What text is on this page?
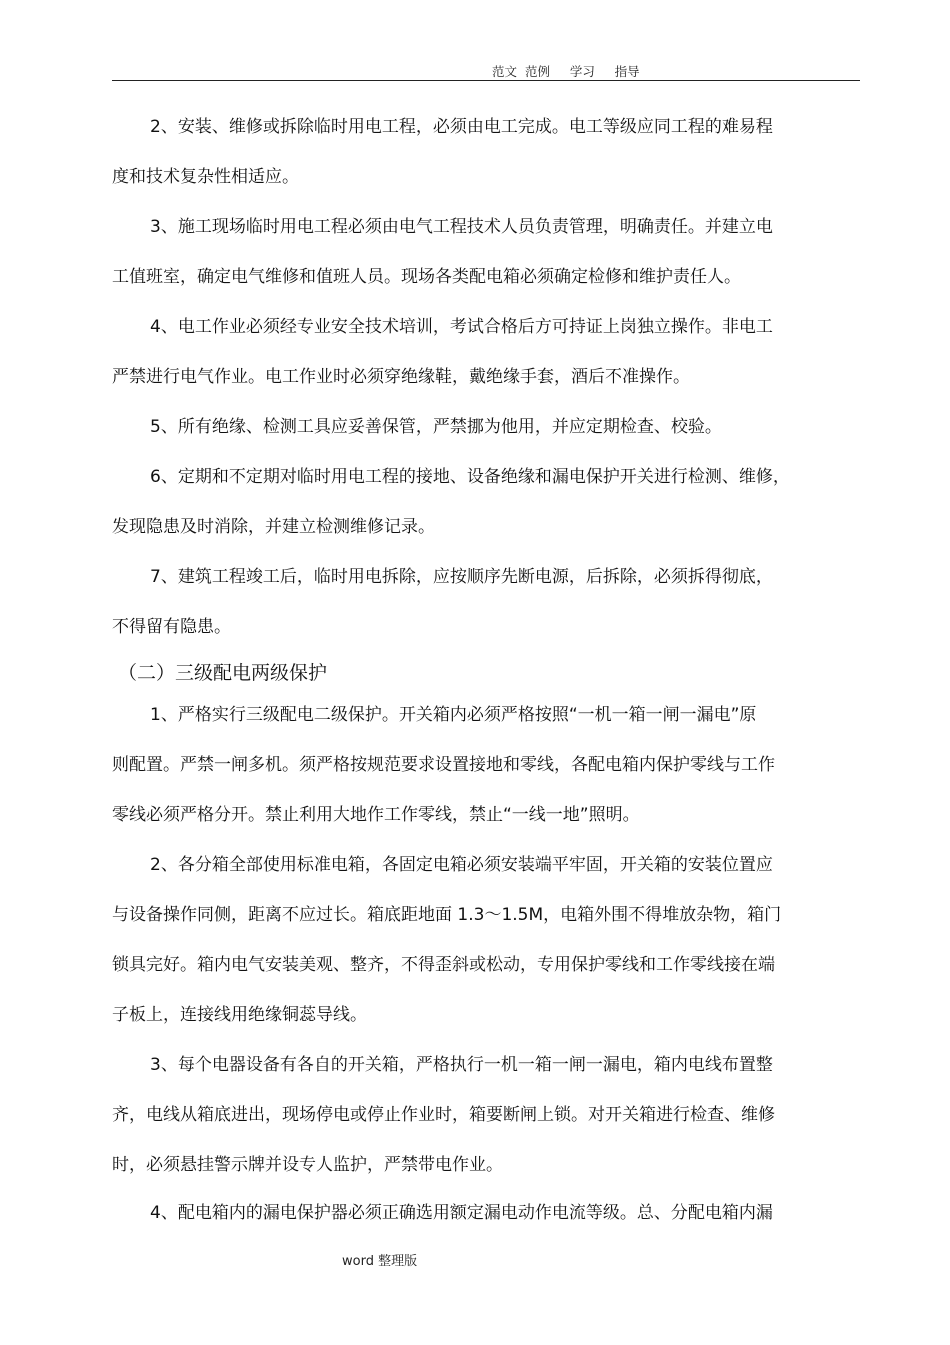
范文  范例     学习     指导
2、安装、维修或拆除临时用电工程，必须由电工完成。电工等级应同工程的难易程
度和技术复杂性相适应。
3、施工现场临时用电工程必须由电气工程技术人员负责管理，明确责任。并建立电
工值班室，确定电气维修和值班人员。现场各类配电箱必须确定检修和维护责任人。
4、电工作业必须经专业安全技术培训，考试合格后方可持证上岗独立操作。非电工
严禁进行电气作业。电工作业时必须穿绝缘鞋，戴绝缘手套，酒后不准操作。
5、所有绝缘、检测工具应妥善保管，严禁挪为他用，并应定期检查、校验。
6、定期和不定期对临时用电工程的接地、设备绝缘和漏电保护开关进行检测、维修，
发现隐患及时消除，并建立检测维修记录。
7、建筑工程竣工后，临时用电拆除，应按顺序先断电源，后拆除，必须拆得彻底，
不得留有隐患。
（二）三级配电两级保护
1、严格实行三级配电二级保护。开关箱内必须严格按照“一机一箱一闸一漏电”原
则配置。严禁一闸多机。须严格按规范要求设置接地和零线，各配电箱内保护零线与工作
零线必须严格分开。禁止利用大地作工作零线，禁止“一线一地”照明。
2、各分箱全部使用标准电箱，各固定电箱必须安装端平牢固，开关箱的安装位置应
与设备操作同侧，距离不应过长。箱底距地面 1.3～1.5M，电箱外围不得堆放杂物，箱门
锁具完好。箱内电气安装美观、整齐，不得歪斜或松动，专用保护零线和工作零线接在端
子板上，连接线用绝缘铜蕊导线。
3、每个电器设备有各自的开关箱，严格执行一机一箱一闸一漏电，箱内电线布置整
齐，电线从箱底进出，现场停电或停止作业时，箱要断闸上锁。对开关箱进行检查、维修
时，必须悬挂警示牌并设专人监护，严禁带电作业。
4、配电箱内的漏电保护器必须正确选用额定漏电动作电流等级。总、分配电箱内漏
word 整理版
